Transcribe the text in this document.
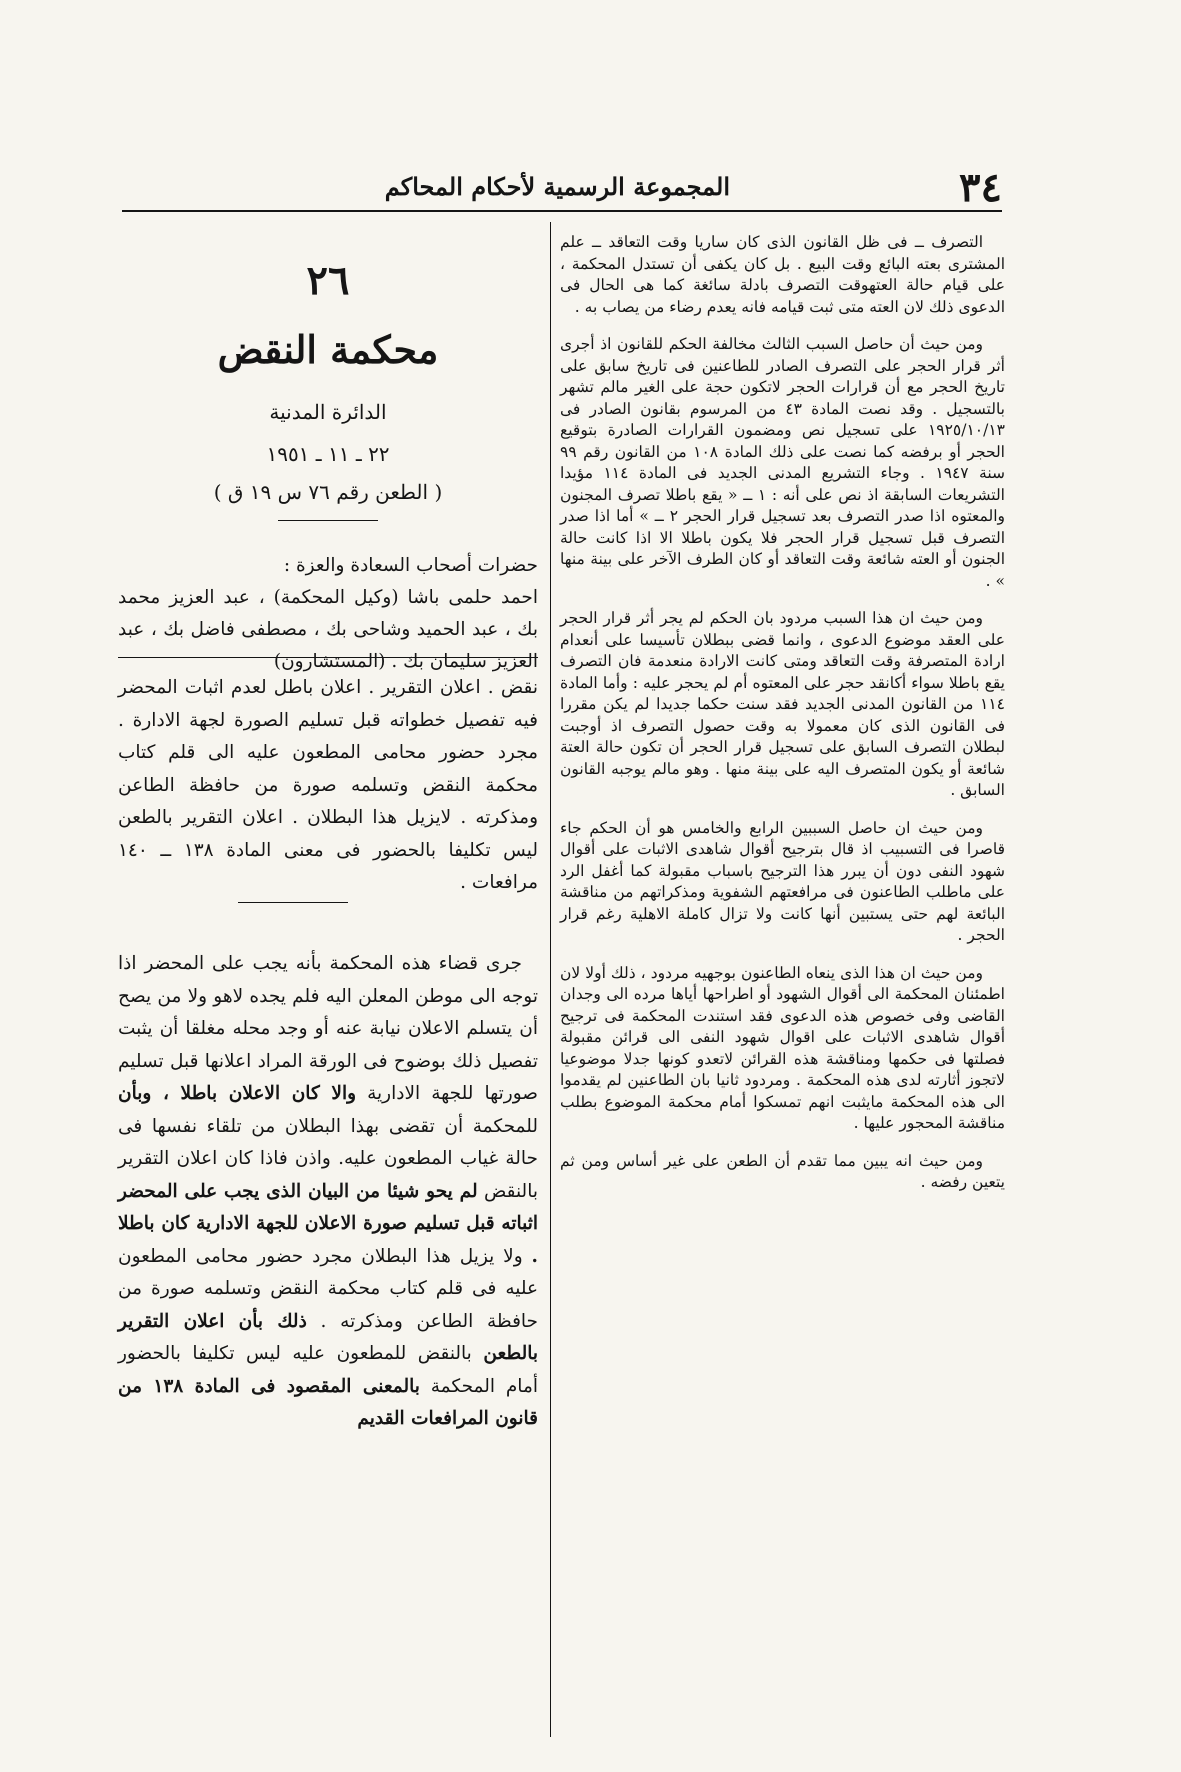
٣٤
المجموعة الرسمية لأحكام المحاكم

التصرف ــ فى ظل القانون الذى كان ساريا وقت التعاقد ــ علم المشترى بعته البائع وقت البيع . بل كان يكفى أن تستدل المحكمة ، على قيام حالة العتهوقت التصرف بادلة سائغة كما هى الحال فى الدعوى ذلك لان العته متى ثبت قيامه فانه يعدم رضاء من يصاب به .

ومن حيث أن حاصل السبب الثالث مخالفة الحكم للقانون اذ أجرى أثر قرار الحجر على التصرف الصادر للطاعنين فى تاريخ سابق على تاريخ الحجر مع أن قرارات الحجر لاتكون حجة على الغير مالم تشهر بالتسجيل . وقد نصت المادة ٤٣ من المرسوم بقانون الصادر فى ١٩٢٥/١٠/١٣ على تسجيل نص ومضمون القرارات الصادرة بتوقيع الحجر أو برفضه كما نصت على ذلك المادة ١٠٨ من القانون رقم ٩٩ سنة ١٩٤٧ . وجاء التشريع المدنى الجديد فى المادة ١١٤ مؤيدا التشريعات السابقة اذ نص على أنه : ١ ــ « يقع باطلا تصرف المجنون والمعتوه اذا صدر التصرف بعد تسجيل قرار الحجر ٢ ــ » أما اذا صدر التصرف قبل تسجيل قرار الحجر فلا يكون باطلا الا اذا كانت حالة الجنون أو العته شائعة وقت التعاقد أو كان الطرف الآخر على بينة منها » .

ومن حيث ان هذا السبب مردود بان الحكم لم يجر أثر قرار الحجر على العقد موضوع الدعوى ، وانما قضى ببطلان تأسيسا على أنعدام ارادة المتصرفة وقت التعاقد ومتى كانت الارادة منعدمة فان التصرف يقع باطلا سواء أكانقد حجر على المعتوه أم لم يحجر عليه : وأما المادة ١١٤ من القانون المدنى الجديد فقد سنت حكما جديدا لم يكن مقررا فى القانون الذى كان معمولا به وقت حصول التصرف اذ أوجبت لبطلان التصرف السابق على تسجيل قرار الحجر أن تكون حالة العتة شائعة أو يكون المتصرف اليه على بينة منها . وهو مالم يوجبه القانون السابق .

ومن حيث ان حاصل السببين الرابع والخامس هو أن الحكم جاء قاصرا فى التسبيب اذ قال بترجيح أقوال شاهدى الاثبات على أقوال شهود النفى دون أن يبرر هذا الترجيح باسباب مقبولة كما أغفل الرد على ماطلب الطاعنون فى مرافعتهم الشفوية ومذكراتهم من مناقشة البائعة لهم حتى يستبين أنها كانت ولا تزال كاملة الاهلية رغم قرار الحجر .

ومن حيث ان هذا الذى ينعاه الطاعنون بوجهيه مردود ، ذلك أولا لان اطمئنان المحكمة الى أقوال الشهود أو اطراحها أياها مرده الى وجدان القاضى وفى خصوص هذه الدعوى فقد استندت المحكمة فى ترجيح أقوال شاهدى الاثبات على اقوال شهود النفى الى قرائن مقبولة فصلتها فى حكمها ومناقشة هذه القرائن لاتعدو كونها جدلا موضوعيا لاتجوز أثارته لدى هذه المحكمة . ومردود ثانيا بان الطاعنين لم يقدموا الى هذه المحكمة مايثبت انهم تمسكوا أمام محكمة الموضوع بطلب مناقشة المحجور عليها .

ومن حيث انه يبين مما تقدم أن الطعن على غير أساس ومن ثم يتعين رفضه .

٢٦
محكمة النقض
الدائرة المدنية
٢٢ ـ ١١ ـ ١٩٥١
( الطعن رقم ٧٦ س ١٩ ق )

حضرات أصحاب السعادة والعزة :

احمد حلمى باشا (وكيل المحكمة) ، عبد العزيز محمد بك ، عبد الحميد وشاحى بك ، مصطفى فاضل بك ، عبد العزيز سليمان بك . (المستشارون)

نقض . اعلان التقرير . اعلان باطل لعدم اثبات المحضر فيه تفصيل خطواته قبل تسليم الصورة لجهة الادارة . مجرد حضور محامى المطعون عليه الى قلم كتاب محكمة النقض وتسلمه صورة من حافظة الطاعن ومذكرته . لايزيل هذا البطلان . اعلان التقرير بالطعن ليس تكليفا بالحضور فى معنى المادة ١٣٨ ــ ١٤٠ مرافعات .
جرى قضاء هذه المحكمة بأنه يجب على المحضر اذا توجه الى موطن المعلن اليه فلم يجده لاهو ولا من يصح أن يتسلم الاعلان نيابة عنه أو وجد محله مغلقا أن يثبت تفصيل ذلك بوضوح فى الورقة المراد اعلانها قبل تسليم صورتها للجهة الادارية والا كان الاعلان باطلا ، وبأن للمحكمة أن تقضى بهذا البطلان من تلقاء نفسها فى حالة غياب المطعون عليه. واذن فاذا كان اعلان التقرير بالنقض لم يحو شيئا من البيان الذى يجب على المحضر اثباته قبل تسليم صورة الاعلان للجهة الادارية كان باطلا . ولا يزيل هذا البطلان مجرد حضور محامى المطعون عليه فى قلم كتاب محكمة النقض وتسلمه صورة من حافظة الطاعن ومذكرته . ذلك بأن اعلان التقرير بالطعن بالنقض للمطعون عليه ليس تكليفا بالحضور أمام المحكمة بالمعنى المقصود فى المادة ١٣٨ من قانون المرافعات القديم
